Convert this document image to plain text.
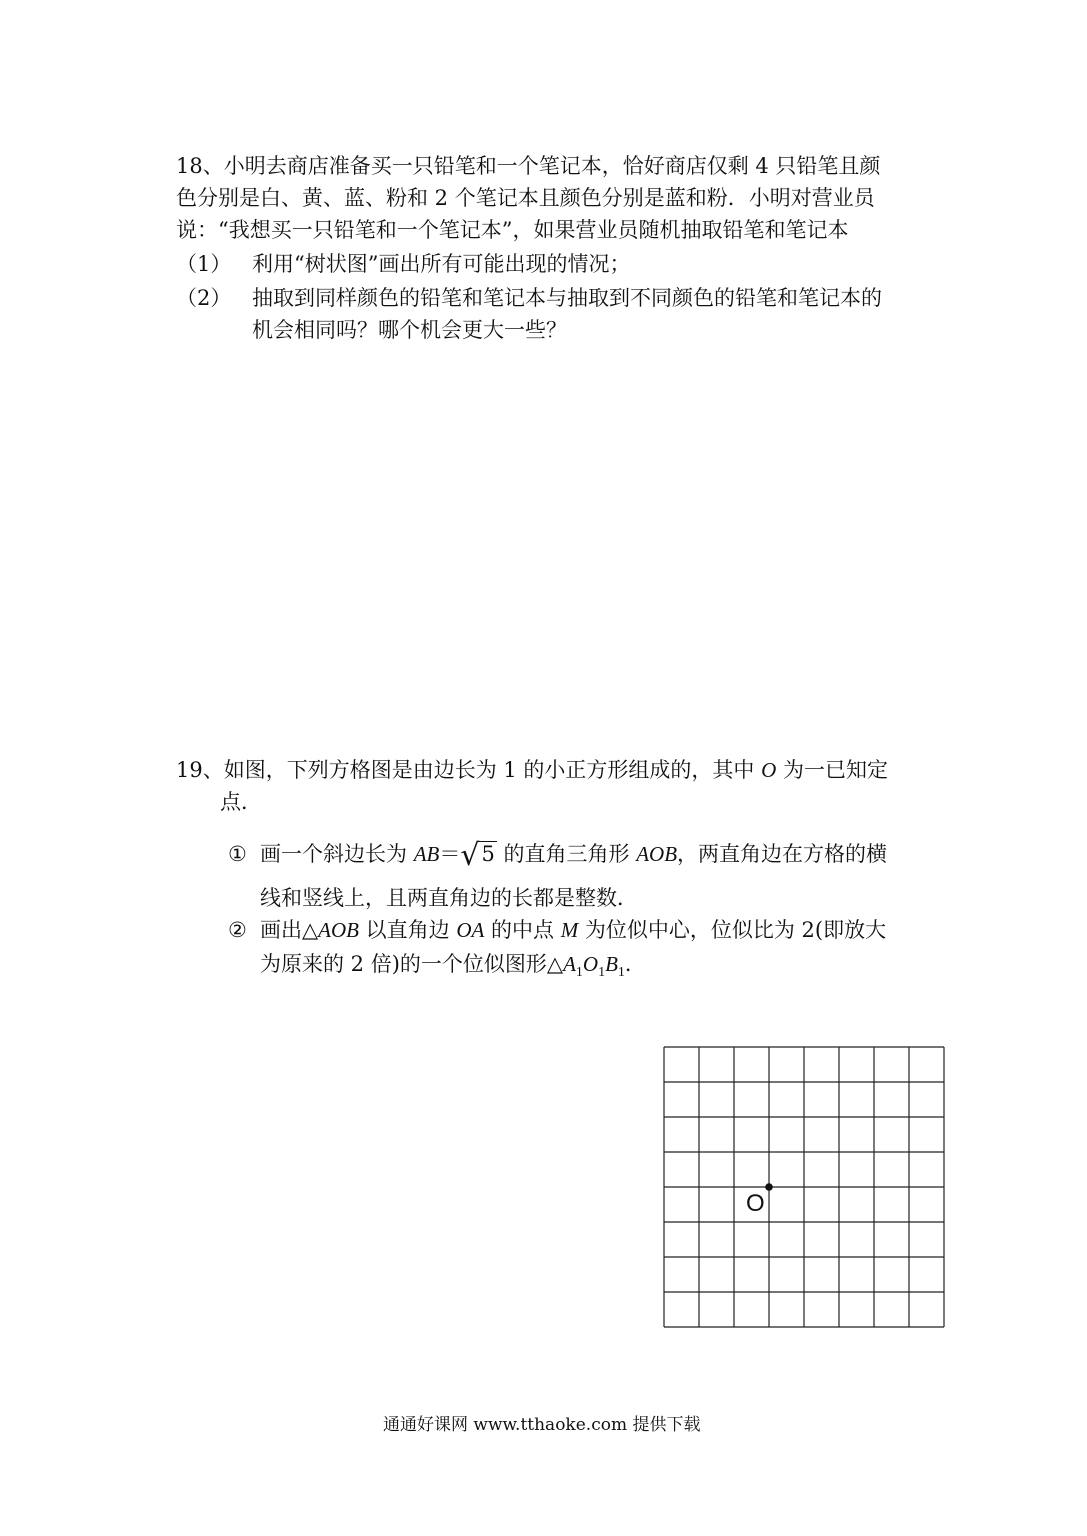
18、小明去商店准备买一只铅笔和一个笔记本，恰好商店仅剩 4 只铅笔且颜
色分别是白、黄、蓝、粉和 2 个笔记本且颜色分别是蓝和粉．小明对营业员
说：“我想买一只铅笔和一个笔记本”，如果营业员随机抽取铅笔和笔记本
（1） 利用“树状图”画出所有可能出现的情况；
（2） 抽取到同样颜色的铅笔和笔记本与抽取到不同颜色的铅笔和笔记本的
机会相同吗？哪个机会更大一些？
19、如图，下列方格图是由边长为 1 的小正方形组成的，其中 O 为一已知定
点．
① 画一个斜边长为 AB＝√5 的直角三角形 AOB，两直角边在方格的横
线和竖线上，且两直角边的长都是整数．
② 画出△AOB 以直角边 OA 的中点 M 为位似中心，位似比为 2(即放大
为原来的 2 倍)的一个位似图形$\triangle A_1O_1B_1$．
O
通通好课网 www.tthaoke.com 提供下载
